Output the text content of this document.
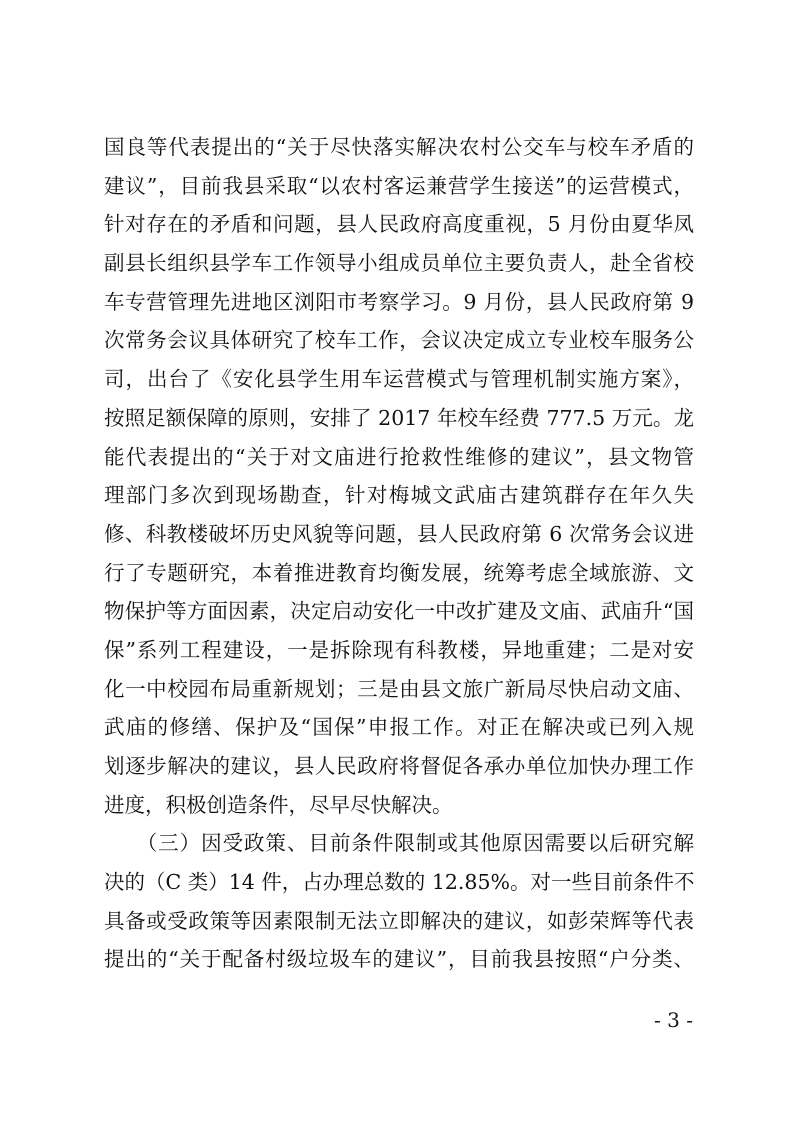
国良等代表提出的“关于尽快落实解决农村公交车与校车矛盾的
建议”，目前我县采取“以农村客运兼营学生接送”的运营模式，
针对存在的矛盾和问题，县人民政府高度重视，5 月份由夏华凤
副县长组织县学车工作领导小组成员单位主要负责人，赴全省校
车专营管理先进地区浏阳市考察学习。9 月份，县人民政府第 9
次常务会议具体研究了校车工作，会议决定成立专业校车服务公
司，出台了《安化县学生用车运营模式与管理机制实施方案》，
按照足额保障的原则，安排了 2017 年校车经费 777.5 万元。龙
能代表提出的“关于对文庙进行抢救性维修的建议”，县文物管
理部门多次到现场勘查，针对梅城文武庙古建筑群存在年久失
修、科教楼破坏历史风貌等问题，县人民政府第 6 次常务会议进
行了专题研究，本着推进教育均衡发展，统筹考虑全域旅游、文
物保护等方面因素，决定启动安化一中改扩建及文庙、武庙升“国
保”系列工程建设，一是拆除现有科教楼，异地重建；二是对安
化一中校园布局重新规划；三是由县文旅广新局尽快启动文庙、
武庙的修缮、保护及“国保”申报工作。对正在解决或已列入规
划逐步解决的建议，县人民政府将督促各承办单位加快办理工作
进度，积极创造条件，尽早尽快解决。
　　（三）因受政策、目前条件限制或其他原因需要以后研究解
决的（C 类）14 件，占办理总数的 12.85%。对一些目前条件不
具备或受政策等因素限制无法立即解决的建议，如彭荣辉等代表
提出的“关于配备村级垃圾车的建议”，目前我县按照“户分类、
- 3 -
